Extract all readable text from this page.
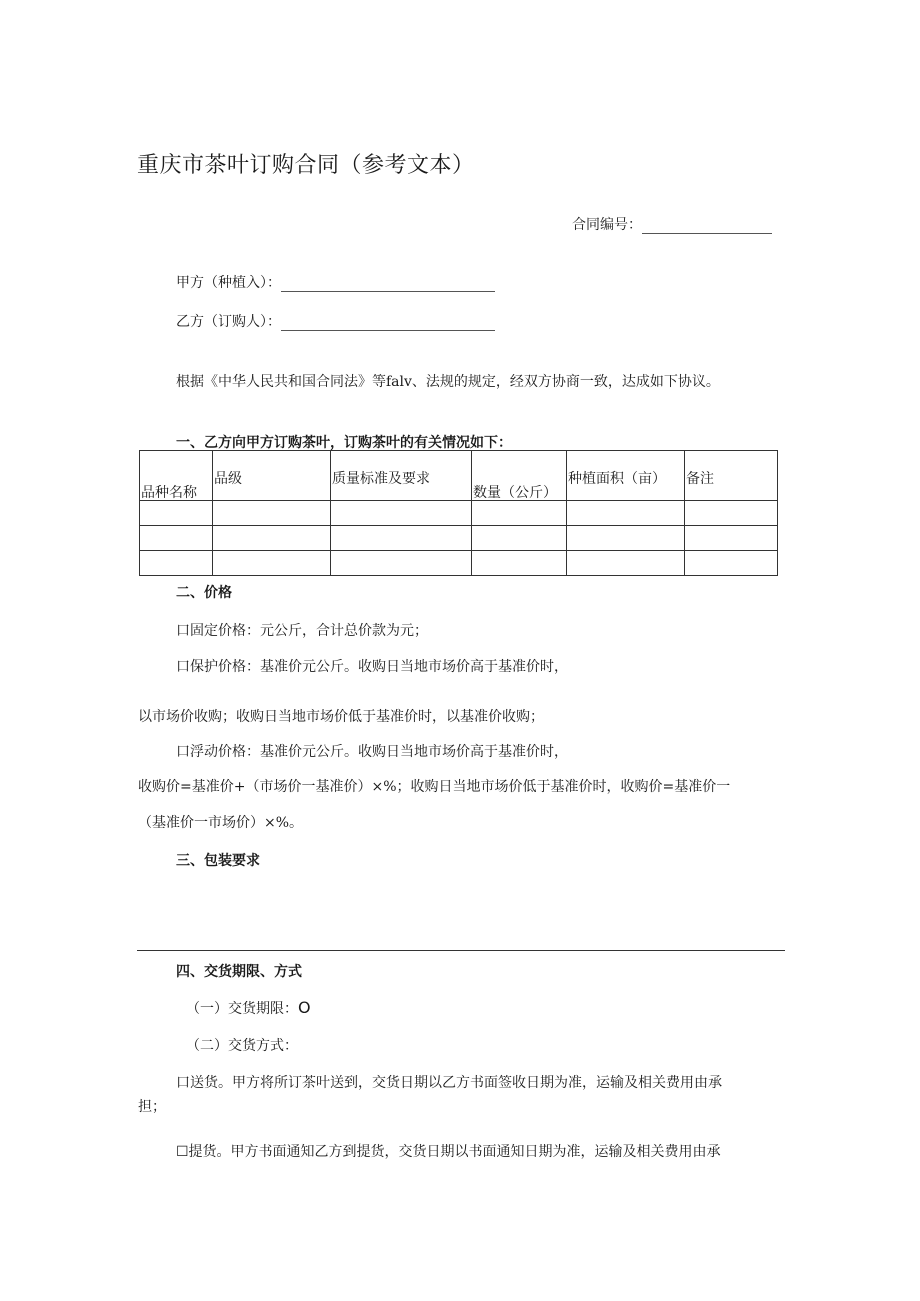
重庆市茶叶订购合同（参考文本）
合同编号：
甲方（种植入）：
乙方（订购人）：
根据《中华人民共和国合同法》等falv、法规的规定，经双方协商一致，达成如下协议。
一、乙方向甲方订购茶叶，订购茶叶的有关情况如下：
品种名称	品级	质量标准及要求	数量（公斤）	种植面积（亩）	备注

二、价格
口固定价格：元公斤，合计总价款为元；
口保护价格：基准价元公斤。收购日当地市场价高于基准价时，
以市场价收购；收购日当地市场价低于基准价时，以基准价收购；
口浮动价格：基准价元公斤。收购日当地市场价高于基准价时，
收购价=基准价+（市场价一基准价）×%；收购日当地市场价低于基准价时，收购价=基准价一
（基准价一市场价）×%。
三、包装要求
四、交货期限、方式
（一）交货期限：O
（二）交货方式：
口送货。甲方将所订茶叶送到，交货日期以乙方书面签收日期为准，运输及相关费用由承
担；
☐提货。甲方书面通知乙方到提货，交货日期以书面通知日期为准，运输及相关费用由承
